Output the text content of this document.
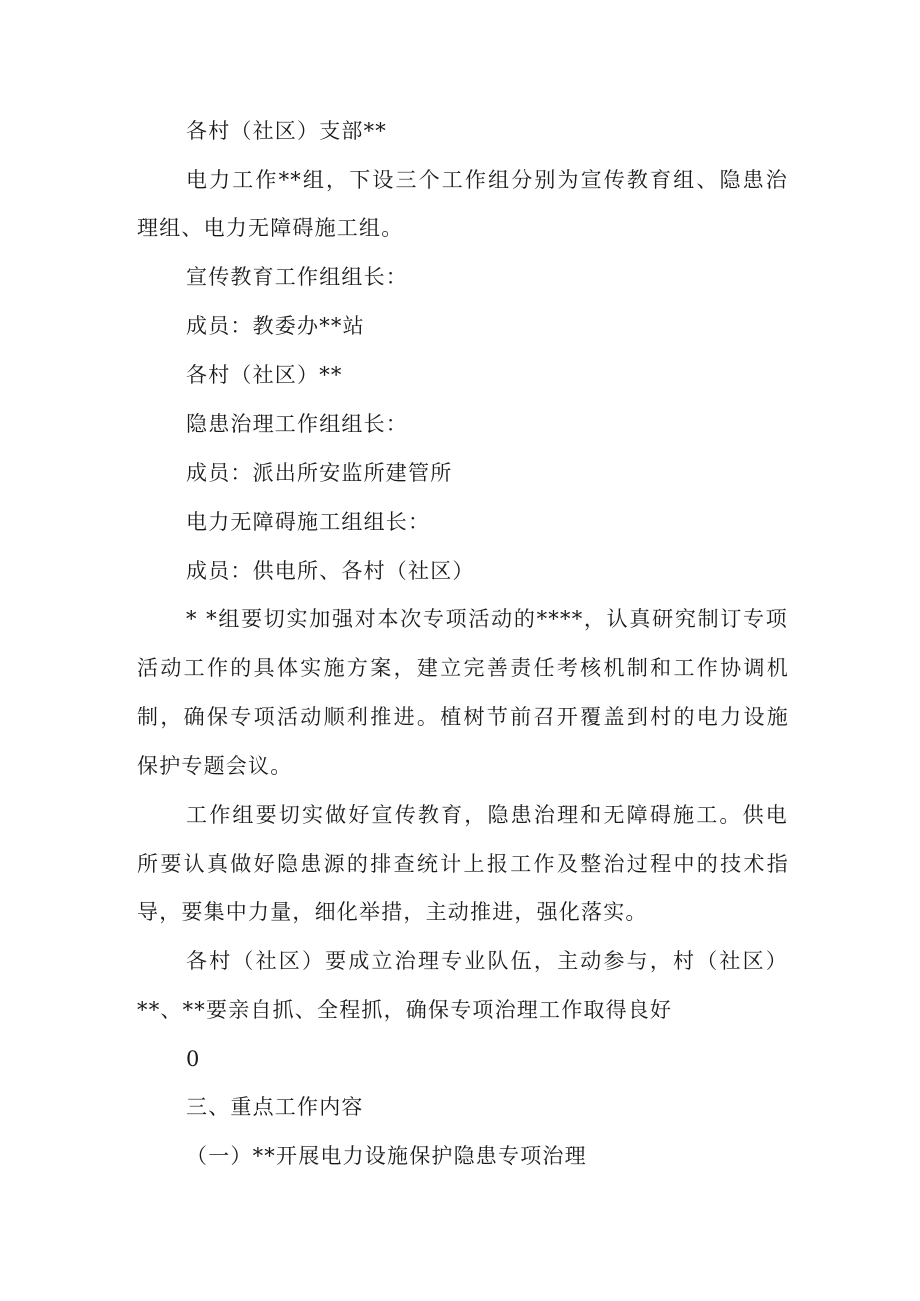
各村（社区）支部**
电力工作**组，下设三个工作组分别为宣传教育组、隐患治
理组、电力无障碍施工组。
宣传教育工作组组长：
成员：教委办**站
各村（社区）**
隐患治理工作组组长：
成员：派出所安监所建管所
电力无障碍施工组组长：
成员：供电所、各村（社区）
* *组要切实加强对本次专项活动的****，认真研究制订专项
活动工作的具体实施方案，建立完善责任考核机制和工作协调机
制，确保专项活动顺利推进。植树节前召开覆盖到村的电力设施
保护专题会议。
工作组要切实做好宣传教育，隐患治理和无障碍施工。供电
所要认真做好隐患源的排查统计上报工作及整治过程中的技术指
导，要集中力量，细化举措，主动推进，强化落实。
各村（社区）要成立治理专业队伍，主动参与，村（社区）
**、**要亲自抓、全程抓，确保专项治理工作取得良好
0
三、重点工作内容
（一）**开展电力设施保护隐患专项治理
